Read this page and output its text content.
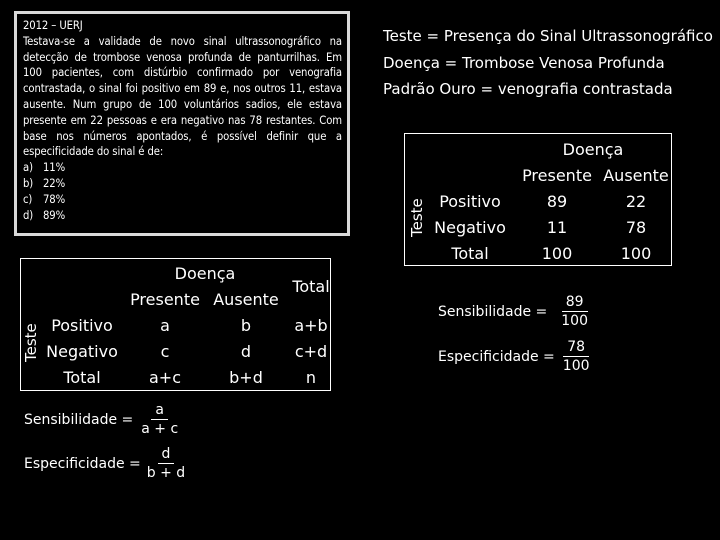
2012 – UERJ

Testava-se a validade de novo sinal ultrassonográfico na detecção de trombose venosa profunda de panturrilhas. Em 100 pacientes, com distúrbio confirmado por venografia contrastada, o sinal foi positivo em 89 e, nos outros 11, estava ausente. Num grupo de 100 voluntários sadios, ele estava presente em 22 pessoas e era negativo nas 78 restantes. Com base nos números apontados, é possível definir que a especificidade do sinal é de:

a) 11%
b) 22%
c) 78%
d) 89%
Teste = Presença do Sinal Ultrassonográfico
Doença = Trombose Venosa Profunda
Padrão Ouro = venografia contrastada
Teste
	Doença	
	Presente	Ausente
Positivo	89	22
Negativo	11	78
Total	100	100
Sensibilidade = $\frac{89}{100}$
Especificidade = $\frac{78}{100}$
Teste
	Doença		Total
	Presente	Ausente	
Positivo	a	b	a+b
Negativo	c	d	c+d
Total	a+c	b+d	n
Sensibilidade = $\frac{a}{a + c}$
Especificidade = $\frac{d}{b + d}$
